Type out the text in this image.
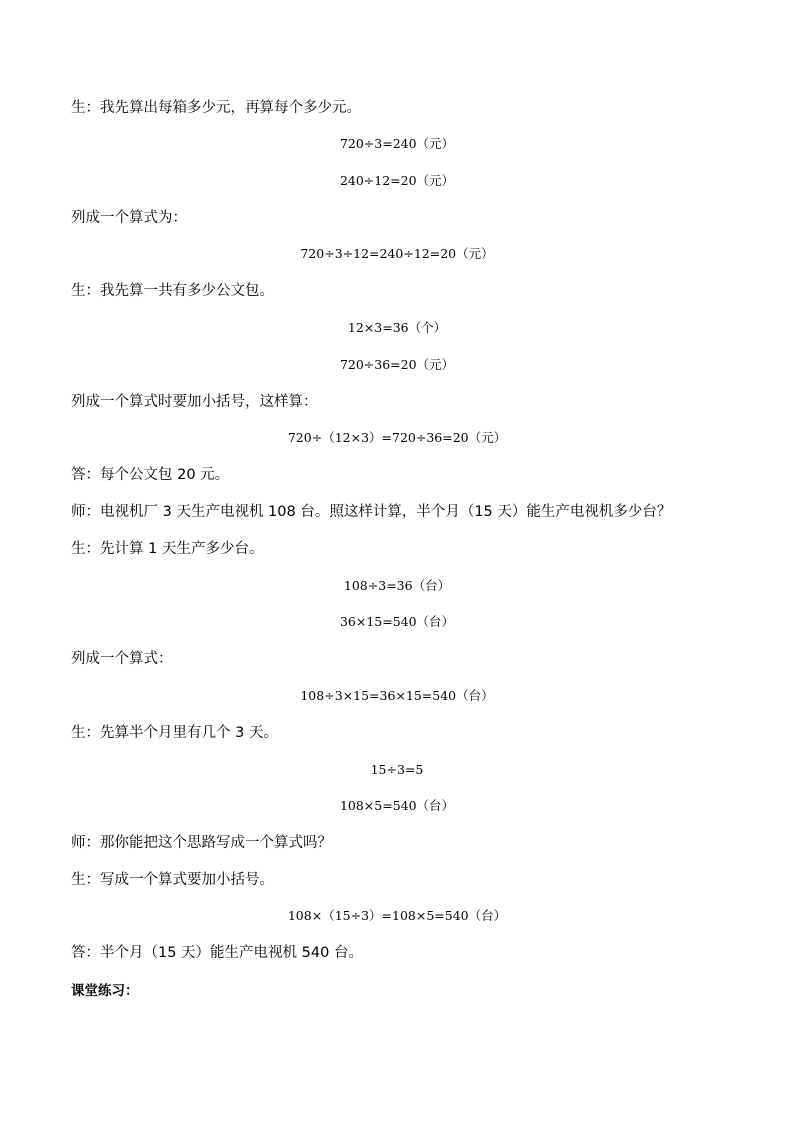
生：我先算出每箱多少元，再算每个多少元。
720÷3=240（元）
240÷12=20（元）
列成一个算式为：
720÷3÷12=240÷12=20（元）
生：我先算一共有多少公文包。
12×3=36（个）
720÷36=20（元）
列成一个算式时要加小括号，这样算：
720÷（12×3）=720÷36=20（元）
答：每个公文包 20 元。
师：电视机厂 3 天生产电视机 108 台。照这样计算，半个月（15 天）能生产电视机多少台？
生：先计算 1 天生产多少台。
108÷3=36（台）
36×15=540（台）
列成一个算式：
108÷3×15=36×15=540（台）
生：先算半个月里有几个 3 天。
15÷3=5
108×5=540（台）
师：那你能把这个思路写成一个算式吗？
生：写成一个算式要加小括号。
108×（15÷3）=108×5=540（台）
答：半个月（15 天）能生产电视机 540 台。
课堂练习：
